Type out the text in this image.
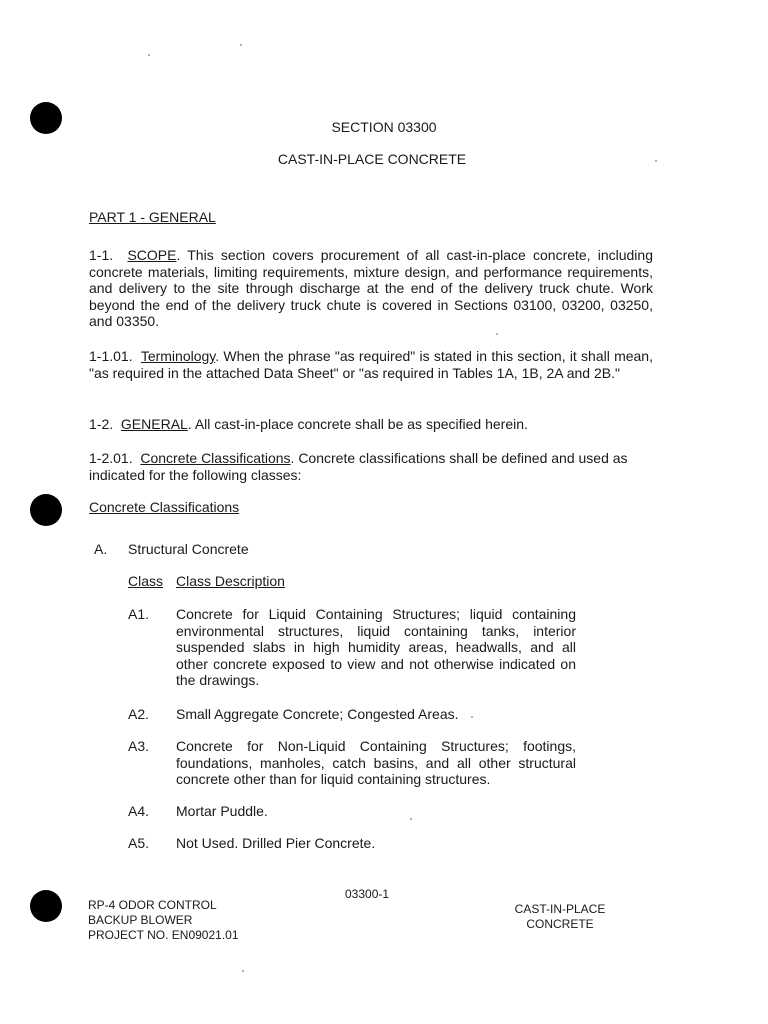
SECTION 03300
CAST-IN-PLACE CONCRETE
PART 1 - GENERAL
1-1. SCOPE. This section covers procurement of all cast-in-place concrete, including concrete materials, limiting requirements, mixture design, and performance requirements, and delivery to the site through discharge at the end of the delivery truck chute. Work beyond the end of the delivery truck chute is covered in Sections 03100, 03200, 03250, and 03350.
1-1.01. Terminology. When the phrase "as required" is stated in this section, it shall mean, "as required in the attached Data Sheet" or "as required in Tables 1A, 1B, 2A and 2B."
1-2. GENERAL. All cast-in-place concrete shall be as specified herein.
1-2.01. Concrete Classifications. Concrete classifications shall be defined and used as indicated for the following classes:
Concrete Classifications
A. Structural Concrete
Class Class Description
A1. Concrete for Liquid Containing Structures; liquid containing environmental structures, liquid containing tanks, interior suspended slabs in high humidity areas, headwalls, and all other concrete exposed to view and not otherwise indicated on the drawings.
A2. Small Aggregate Concrete; Congested Areas.
A3. Concrete for Non-Liquid Containing Structures; footings, foundations, manholes, catch basins, and all other structural concrete other than for liquid containing structures.
A4. Mortar Puddle.
A5. Not Used. Drilled Pier Concrete.
03300-1
RP-4 ODOR CONTROL
BACKUP BLOWER
PROJECT NO. EN09021.01
CAST-IN-PLACE
CONCRETE
